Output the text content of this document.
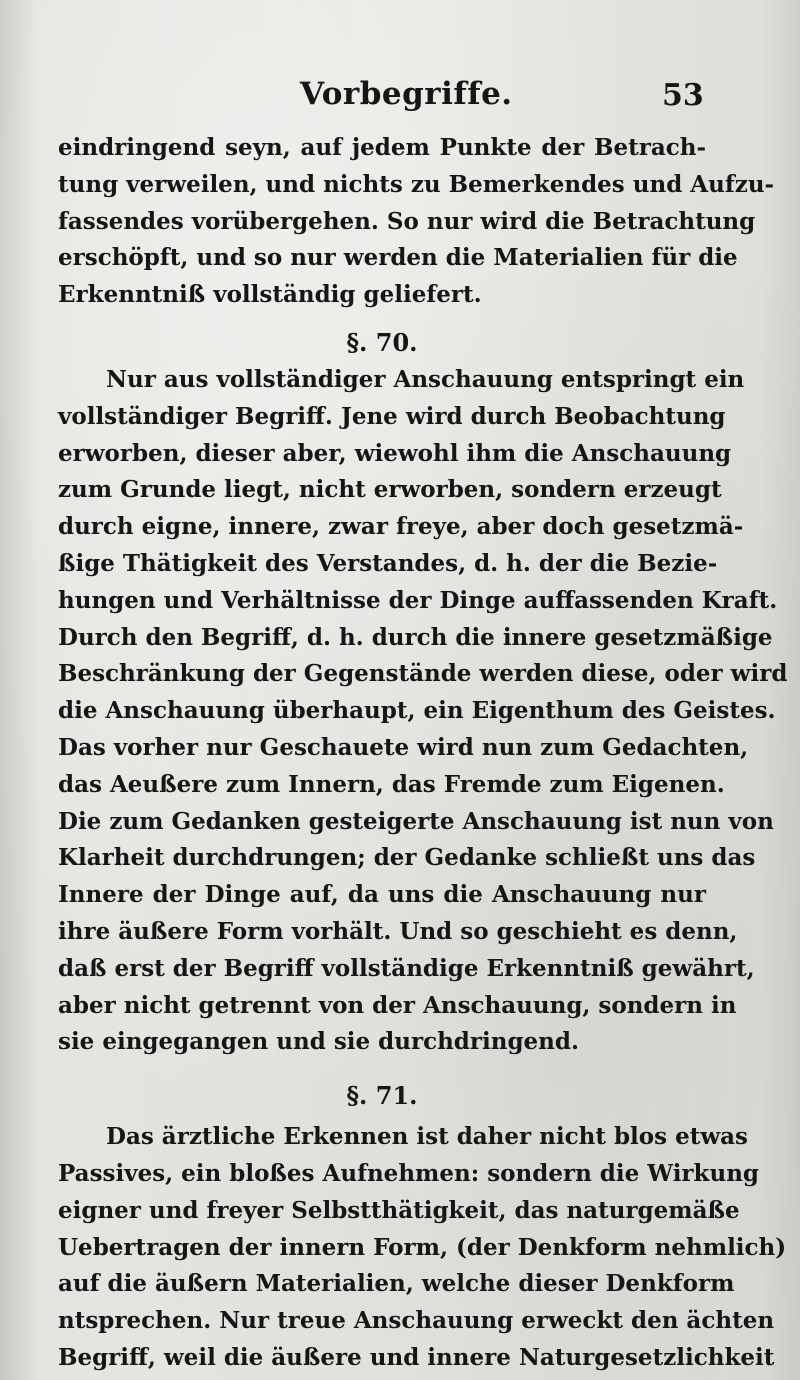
Vorbegriffe.	53
eindringend seyn, auf jedem Punkte der Betrach-
tung verweilen, und nichts zu Bemerkendes und Aufzu-
fassendes vorübergehen. So nur wird die Betrachtung
erschöpft, und so nur werden die Materialien für die
Erkenntniß vollständig geliefert.
§. 70.
Nur aus vollständiger Anschauung entspringt ein
vollständiger Begriff. Jene wird durch Beobachtung
erworben, dieser aber, wiewohl ihm die Anschauung
zum Grunde liegt, nicht erworben, sondern erzeugt
durch eigne, innere, zwar freye, aber doch gesetzmä-
ßige Thätigkeit des Verstandes, d. h. der die Bezie-
hungen und Verhältnisse der Dinge auffassenden Kraft.
Durch den Begriff, d. h. durch die innere gesetzmäßige
Beschränkung der Gegenstände werden diese, oder wird
die Anschauung überhaupt, ein Eigenthum des Geistes.
Das vorher nur Geschauete wird nun zum Gedachten,
das Aeußere zum Innern, das Fremde zum Eigenen.
Die zum Gedanken gesteigerte Anschauung ist nun von
Klarheit durchdrungen; der Gedanke schließt uns das
Innere der Dinge auf, da uns die Anschauung nur
ihre äußere Form vorhält. Und so geschieht es denn,
daß erst der Begriff vollständige Erkenntniß gewährt,
aber nicht getrennt von der Anschauung, sondern in
sie eingegangen und sie durchdringend.
§. 71.
Das ärztliche Erkennen ist daher nicht blos etwas
Passives, ein bloßes Aufnehmen: sondern die Wirkung
eigner und freyer Selbstthätigkeit, das naturgemäße
Uebertragen der innern Form, (der Denkform nehmlich)
auf die äußern Materialien, welche dieser Denkform
ntsprechen. Nur treue Anschauung erweckt den ächten
Begriff, weil die äußere und innere Naturgesetzlichkeit
